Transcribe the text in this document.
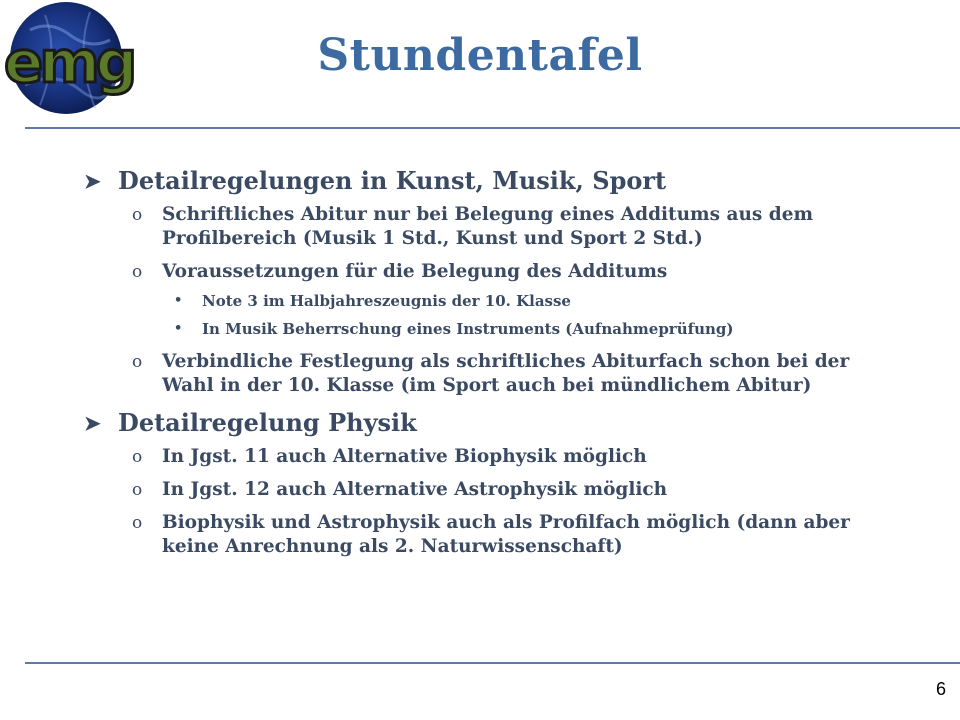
emg	Stundentafel
➤ Detailregelungen in Kunst, Musik, Sport
o	Schriftliches Abitur nur bei Belegung eines Additums aus dem Profilbereich (Musik 1 Std., Kunst und Sport 2 Std.)
o	Voraussetzungen für die Belegung des Additums
•	Note 3 im Halbjahreszeugnis der 10. Klasse
•	In Musik Beherrschung eines Instruments (Aufnahmeprüfung)
o	Verbindliche Festlegung als schriftliches Abiturfach schon bei der Wahl in der 10. Klasse (im Sport auch bei mündlichem Abitur)
➤ Detailregelung Physik
o	In Jgst. 11 auch Alternative Biophysik möglich
o	In Jgst. 12 auch Alternative Astrophysik möglich
o	Biophysik und Astrophysik auch als Profilfach möglich (dann aber keine Anrechnung als 2. Naturwissenschaft)
6
